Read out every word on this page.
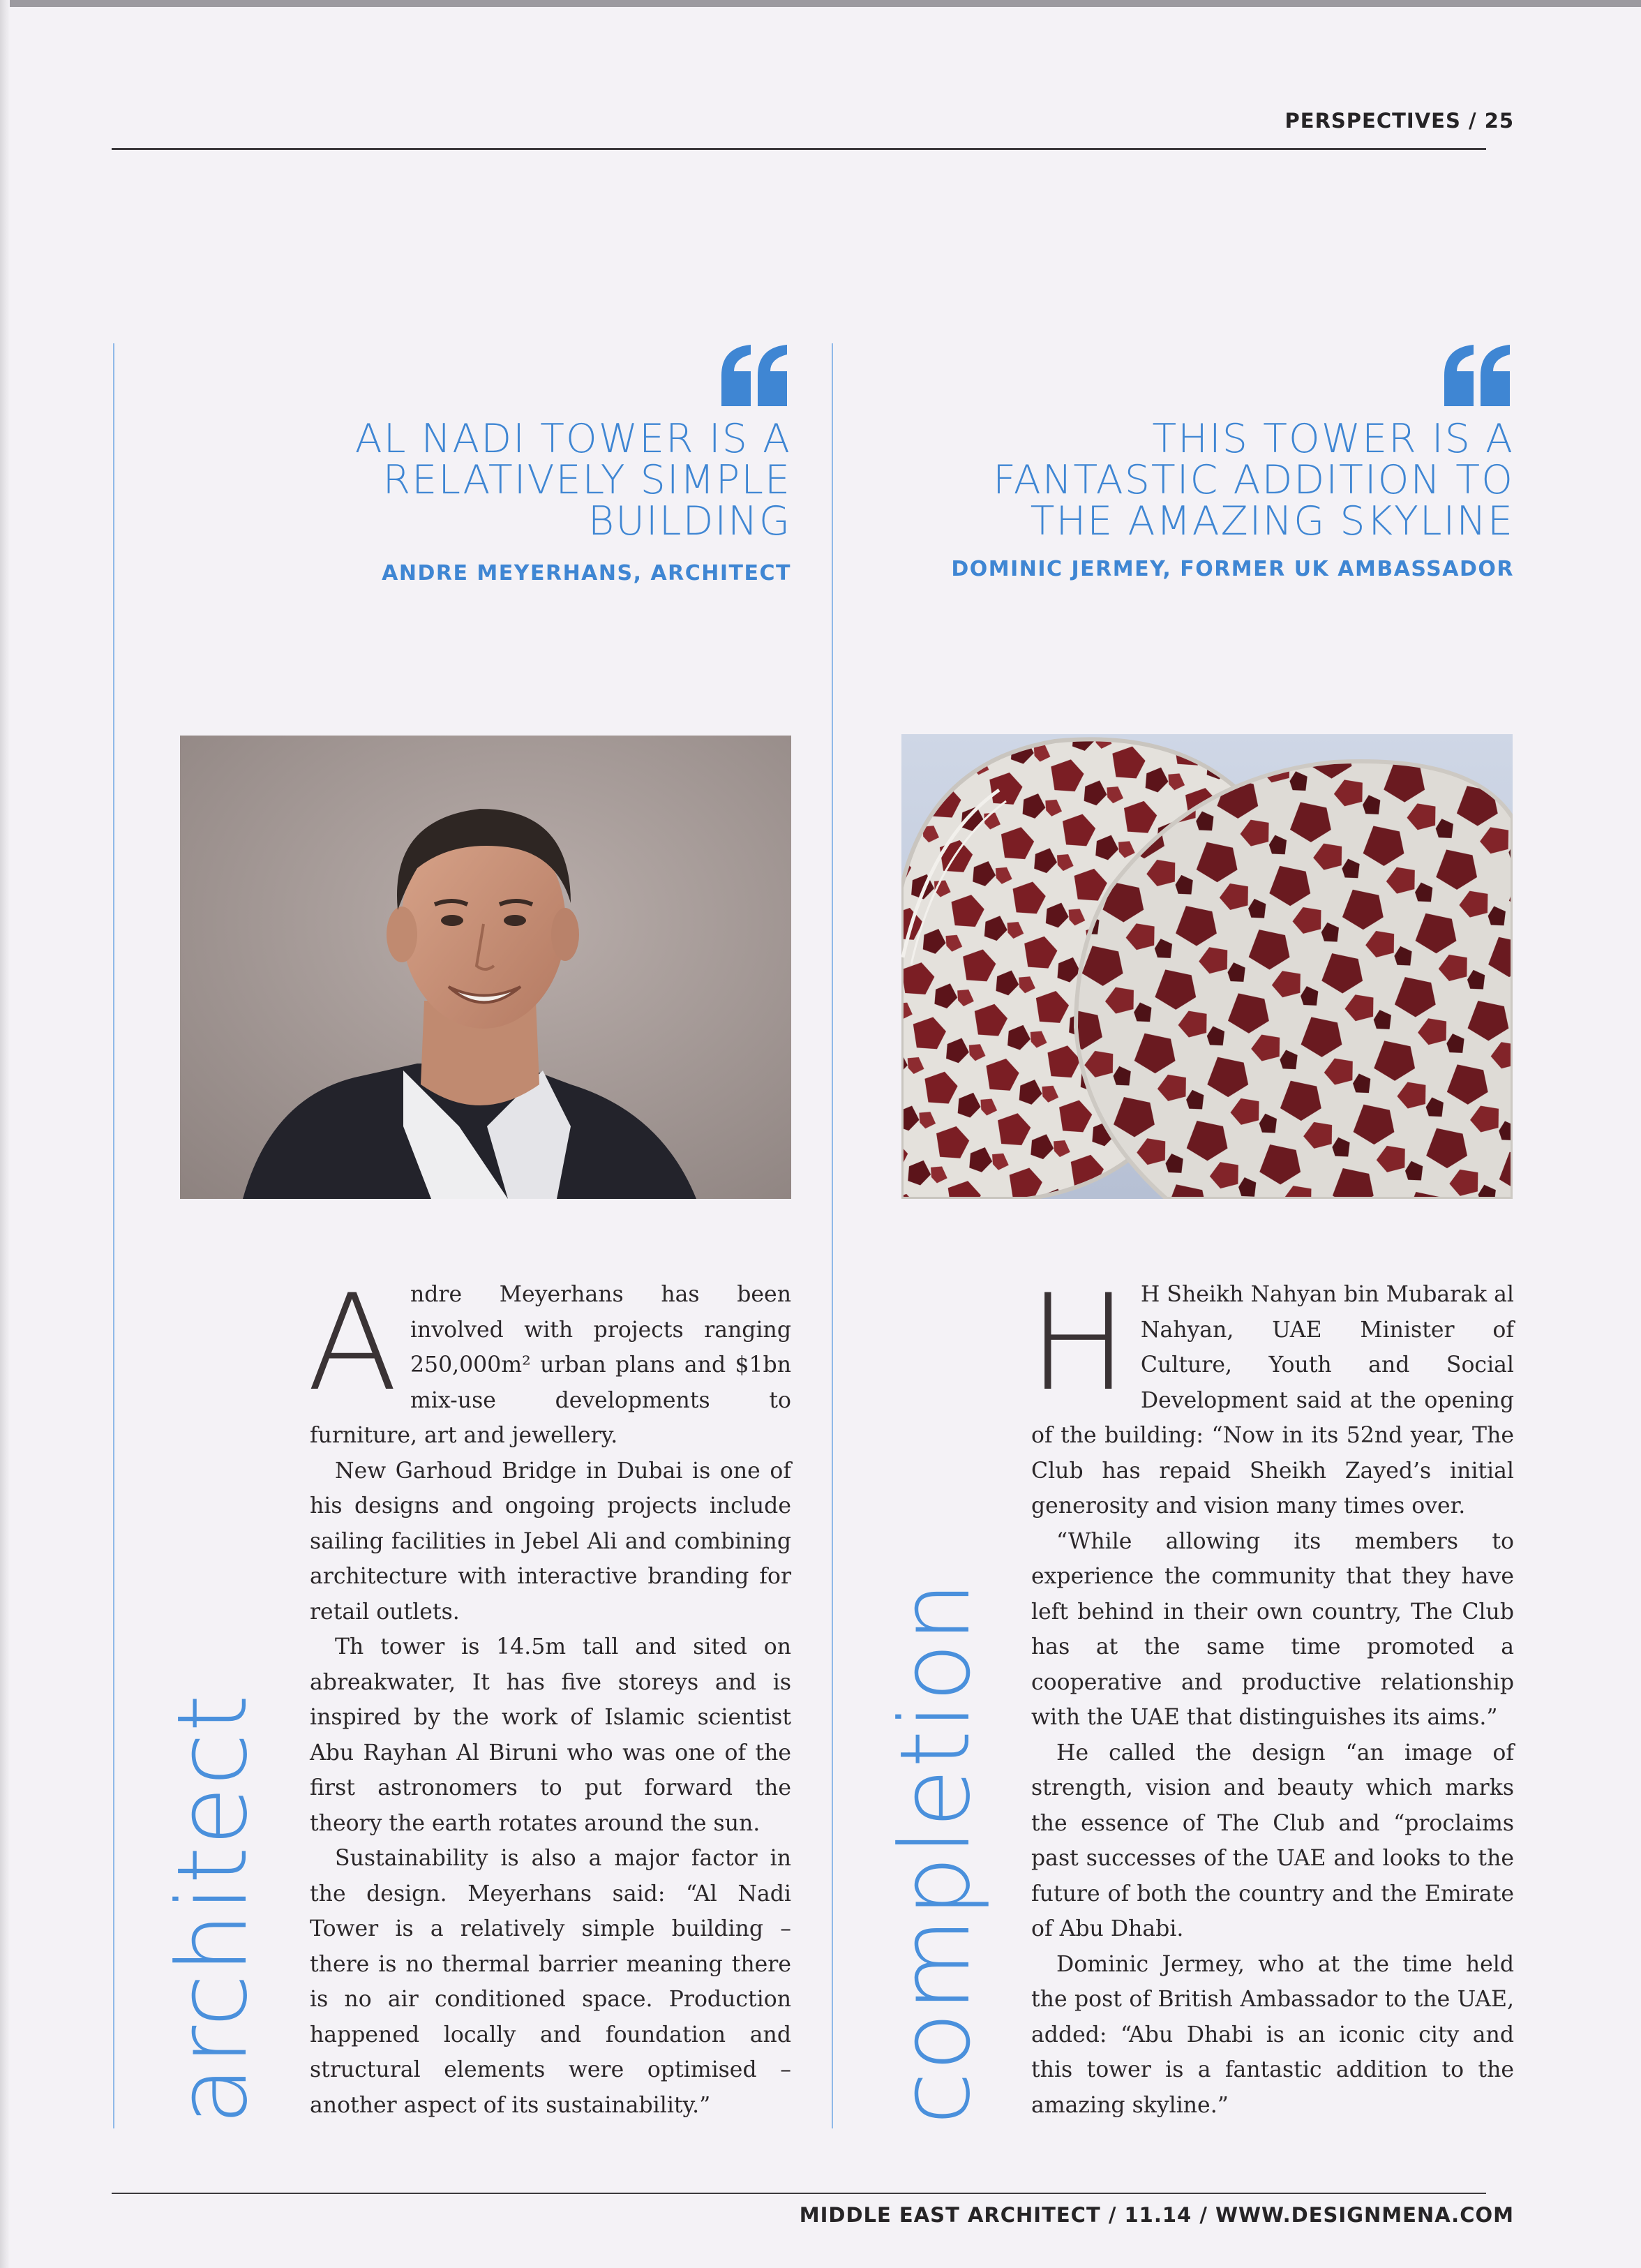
PERSPECTIVES / 25
AL NADI TOWER IS A
RELATIVELY SIMPLE
BUILDING
ANDRE MEYERHANS, ARCHITECT

Andre Meyerhans has been involved with projects ranging 250,000m² urban plans and $1bn mix-use developments to furniture, art and jewellery.

New Garhoud Bridge in Dubai is one of his designs and ongoing projects include sailing facilities in Jebel Ali and combining architecture with interactive branding for retail outlets.

Th tower is 14.5m tall and sited on abreakwater, It has five storeys and is inspired by the work of Islamic scientist Abu Rayhan Al Biruni who was one of the first astronomers to put forward the theory the earth rotates around the sun.

Sustainability is also a major factor in the design. Meyerhans said: “Al Nadi Tower is a relatively simple building – there is no thermal barrier meaning there is no air conditioned space. Production happened locally and foundation and structural elements were optimised – another aspect of its sustainability.”

architect
THIS TOWER IS A
FANTASTIC ADDITION TO
THE AMAZING SKYLINE
DOMINIC JERMEY, FORMER UK AMBASSADOR

H H Sheikh Nahyan bin Mubarak al Nahyan, UAE Minister of Culture, Youth and Social Development said at the opening of the building: “Now in its 52nd year, The Club has repaid Sheikh Zayed’s initial generosity and vision many times over.

“While allowing its members to experience the community that they have left behind in their own country, The Club has at the same time promoted a cooperative and productive relationship with the UAE that distinguishes its aims.”

He called the design “an image of strength, vision and beauty which marks the essence of The Club and “proclaims past successes of the UAE and looks to the future of both the country and the Emirate of Abu Dhabi.

Dominic Jermey, who at the time held the post of British Ambassador to the UAE, added: “Abu Dhabi is an iconic city and this tower is a fantastic addition to the amazing skyline.”

completion
MIDDLE EAST ARCHITECT / 11.14 / WWW.DESIGNMENA.COM
